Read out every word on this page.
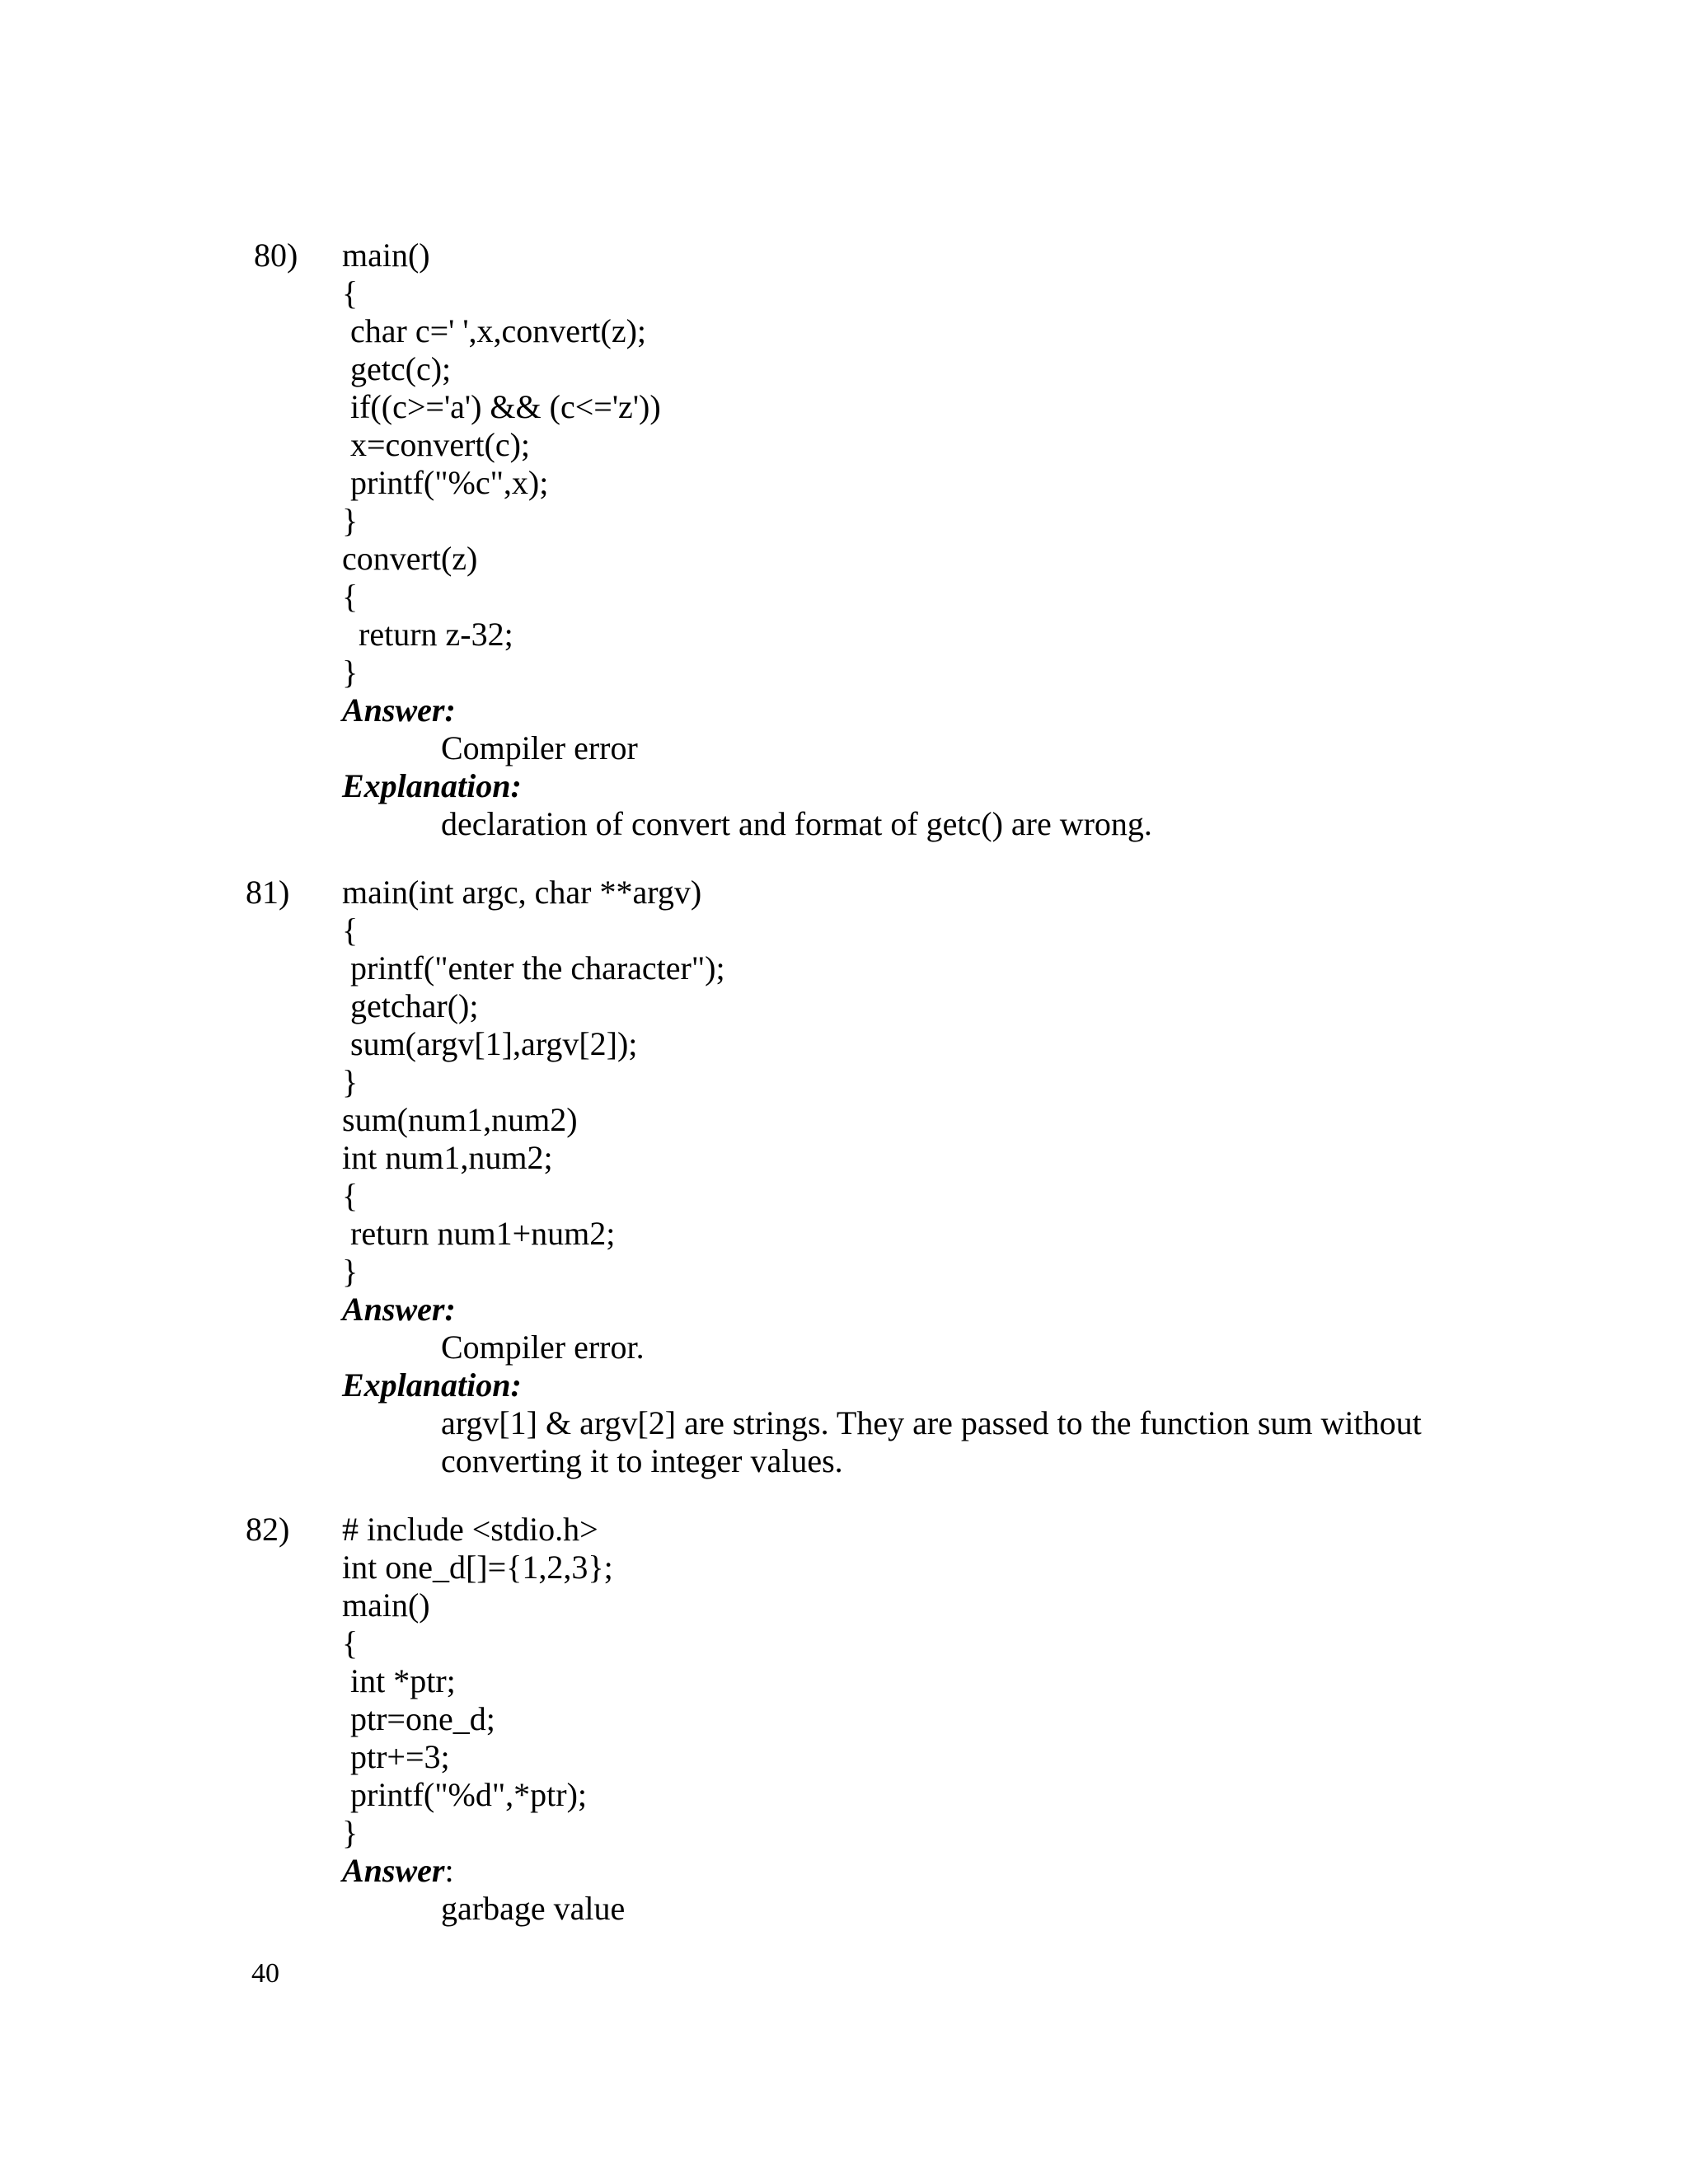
80) main()
{
char c=' ',x,convert(z);
getc(c);
if((c>='a') && (c<='z'))
x=convert(c);
printf("%c",x);
}
convert(z)
{
return z-32;
}
Answer:
Compiler error
Explanation:
declaration of convert and format of getc() are wrong.
81) main(int argc, char **argv)
{
printf("enter the character");
getchar();
sum(argv[1],argv[2]);
}
sum(num1,num2)
int num1,num2;
{
return num1+num2;
}
Answer:
Compiler error.
Explanation:
argv[1] & argv[2] are strings. They are passed to the function sum without
converting it to integer values.
82) # include <stdio.h>
int one_d[]={1,2,3};
main()
{
int *ptr;
ptr=one_d;
ptr+=3;
printf("%d",*ptr);
}
Answer:
garbage value
40
